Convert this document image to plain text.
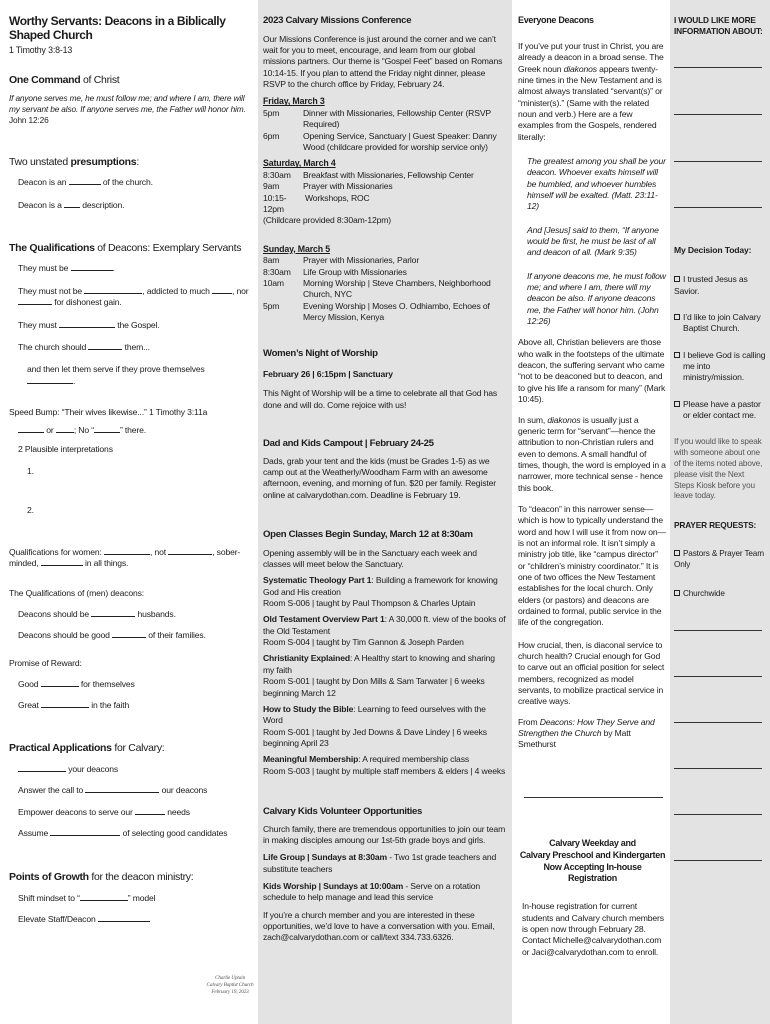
Worthy Servants: Deacons in a Biblically Shaped Church
1 Timothy 3:8-13
One Command of Christ
If anyone serves me, he must follow me; and where I am, there will my servant be also. If anyone serves me, the Father will honor him. John 12:26
Two unstated presumptions:
Deacon is an	of the church.
Deacon is a  description.
The Qualifications of Deacons: Exemplary Servants
They must be	.
They must not be	, addicted to much , nor  for dishonest gain.
They must	the Gospel.
The church should	them...
and then let them serve if they prove themselves .
Speed Bump: “Their wives likewise...” 1 Timothy 3:11a
or ; No “	” there.
2 Plausible interpretations
1.
2.
Qualifications for women:	, not	, sober-minded,	in all things.
The Qualifications of (men) deacons:
Deacons should be	husbands.
Deacons should be good	of their families.
Promise of Reward:
Good	for themselves
Great	in the faith
Practical Applications for Calvary:
your deacons
Answer the call to	our deacons
Empower deacons to serve our	needs
Assume	of selecting good candidates
Points of Growth for the deacon ministry:
Shift mindset to “	” model
Elevate Staff/Deacon
Charlie Uptain
Calvary Baptist Church
February 19, 2023
2023 Calvary Missions Conference
Our Missions Conference is just around the corner and we can’t wait for you to meet, encourage, and learn from our global missions partners. Our theme is “Gospel Feet” based on Romans 10:14-15. If you plan to attend the Friday night dinner, please RSVP to the church office by Friday, February 24.
Friday, March 3
5pm	Dinner with Missionaries, Fellowship Center (RSVP Required)
6pm	Opening Service, Sanctuary | Guest Speaker: Danny Wood (childcare provided for worship service only)
Saturday, March 4
8:30am	Breakfast with Missionaries, Fellowship Center
9am	Prayer with Missionaries
10:15-12pm
Workshops, ROC
(Childcare provided 8:30am-12pm)
Sunday, March 5
8am	Prayer with Missionaries, Parlor
8:30am	Life Group with Missionaries
10am	Morning Worship | Steve Chambers, Neighborhood Church, NYC
5pm	Evening Worship | Moses O. Odhiambo, Echoes of Mercy Mission, Kenya
Women’s Night of Worship
February 26 | 6:15pm | Sanctuary
This Night of Worship will be a time to celebrate all that God has done and will do. Come rejoice with us!
Dad and Kids Campout | February 24-25
Dads, grab your tent and the kids (must be Grades 1-5) as we camp out at the Weatherly/Woodham Farm with an awesome afternoon, evening, and morning of fun. $20 per family. Register online at calvarydothan.com. Deadline is February 19.
Open Classes Begin Sunday, March 12 at 8:30am
Opening assembly will be in the Sanctuary each week and classes will meet below the Sanctuary.
Systematic Theology Part 1: Building a framework for knowing God and His creation
Room S-006 | taught by Paul Thompson & Charles Uptain
Old Testament Overview Part 1: A 30,000 ft. view of the books of the Old Testament
Room S-004 | taught by Tim Gannon & Joseph Parden
Christianity Explained: A Healthy start to knowing and sharing my faith
Room S-001 | taught by Don Mills & Sam Tarwater | 6 weeks beginning March 12
How to Study the Bible: Learning to feed ourselves with the Word
Room S-001 | taught by Jed Downs & Dave Lindey | 6 weeks beginning April 23
Meaningful Membership: A required membership class
Room S-003 | taught by multiple staff members & elders | 4 weeks
Calvary Kids Volunteer Opportunities
Church family, there are tremendous opportunities to join our team in making disciples amoung our 1st-5th grade boys and girls.
Life Group | Sundays at 8:30am - Two 1st grade teachers and substitute teachers
Kids Worship | Sundays at 10:00am - Serve on a rotation schedule to help manage and lead this service
If you’re a church member and you are interested in these opportunities, we’d love to have a conversation with you. Email, zach@calvarydothan.com or call/text 334.733.6326.
Everyone Deacons
If you’ve put your trust in Christ, you are already a deacon in a broad sense. The Greek noun diakonos appears twenty-nine times in the New Testament and is almost always translated “servant(s)” or “minister(s).” (Same with the related noun and verb.) Here are a few examples from the Gospels, rendered literally:
The greatest among you shall be your deacon. Whoever exalts himself will be humbled, and whoever humbles himself will be exalted. (Matt. 23:11-12)
And [Jesus] said to them, “If anyone would be first, he must be last of all and deacon of all. (Mark 9:35)
If anyone deacons me, he must follow me; and where I am, there will my deacon be also. If anyone deacons me, the Father will honor him. (John 12:26)
Above all, Christian believers are those who walk in the footsteps of the ultimate deacon, the suffering servant who came “not to be deaconed but to deacon, and to give his life a ransom for many” (Mark 10:45).
In sum, diakonos is usually just a generic term for “servant”—hence the attribution to non-Christian rulers and even to demons. A small handful of times, though, the word is employed in a narrower, more technical sense - hence this book.
To “deacon” in this narrower sense—which is how to typically understand the word and how I will use it from now on—is not an informal role. It isn’t simply a ministry job title, like “campus director” or “children’s ministry coordinator.” It is one of two offices the New Testament establishes for the local church. Only elders (or pastors) and deacons are ordained to formal, public service in the life of the congregation.
How crucial, then, is diaconal service to church health? Crucial enough for God to carve out an official position for select members, recognized as model servants, to mobilize practical service in creative ways.
From Deacons: How They Serve and Strengthen the Church by Matt Smethurst
Calvary Weekday and
Calvary Preschool and Kindergarten
Now Accepting In-house Registration
In-house registration for current students and Calvary church members is open now through February 28. Contact Michelle@calvarydothan.com or Jaci@calvarydothan.com to enroll.
I WOULD LIKE MORE INFORMATION ABOUT:
My Decision Today:
I trusted Jesus as Savior.
I’d like to join Calvary Baptist Church.
I believe God is calling me into ministry/mission.
Please have a pastor or elder contact me.
If you would like to speak with someone about one of the items noted above, please visit the Next Steps Kiosk before you leave today.
PRAYER REQUESTS:
Pastors & Prayer Team Only
Churchwide
